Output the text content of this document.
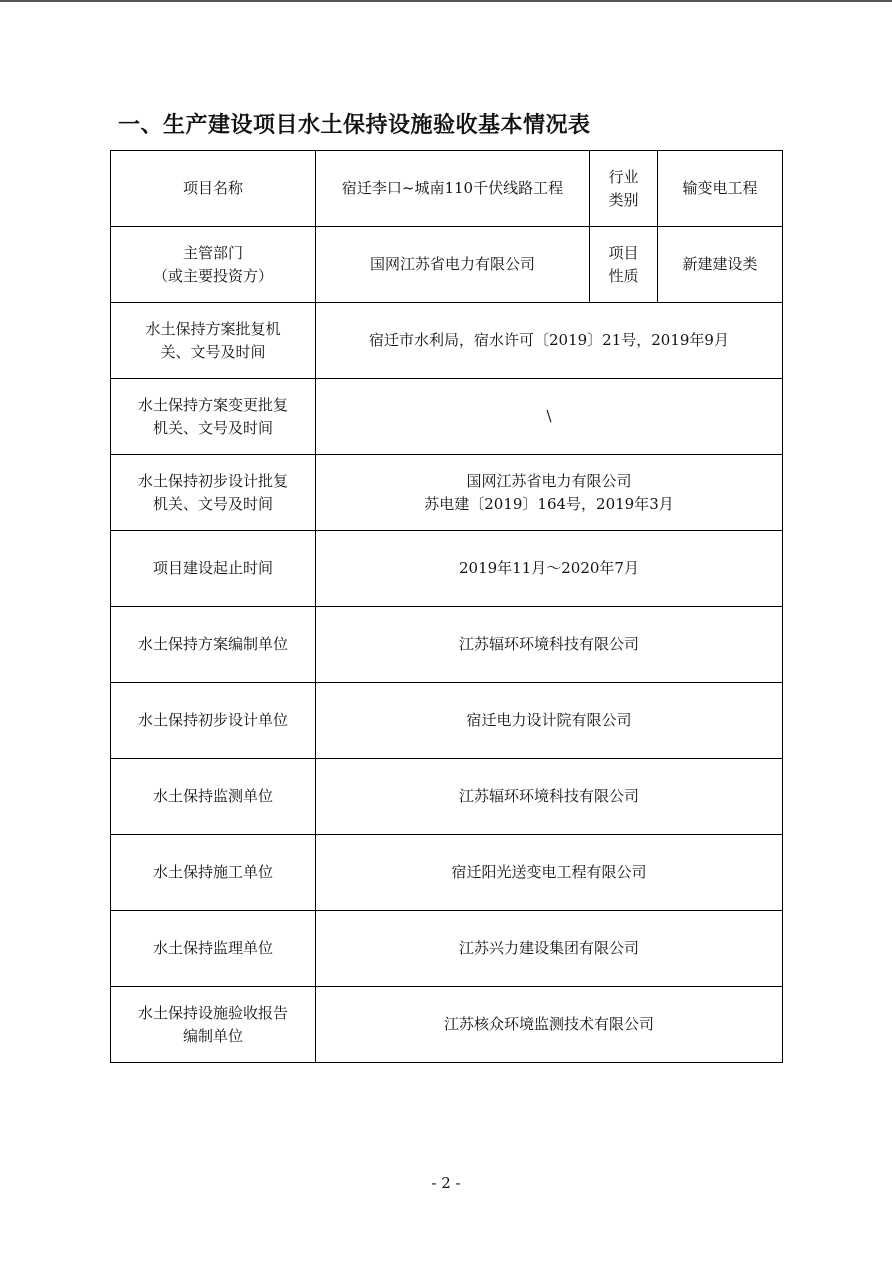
一、生产建设项目水土保持设施验收基本情况表
项目名称	宿迁李口~城南110千伏线路工程	行业
类别	输变电工程

主管部门
（或主要投资方）	国网江苏省电力有限公司	项目
性质	新建建设类

水土保持方案批复机
关、文号及时间	宿迁市水利局，宿水许可〔2019〕21号，2019年9月		

水土保持方案变更批复
机关、文号及时间	\		

水土保持初步设计批复
机关、文号及时间	国网江苏省电力有限公司
苏电建〔2019〕164号，2019年3月		

项目建设起止时间	2019年11月～2020年7月		
水土保持方案编制单位	江苏辐环环境科技有限公司		
水土保持初步设计单位	宿迁电力设计院有限公司		
水土保持监测单位	江苏辐环环境科技有限公司		
水土保持施工单位	宿迁阳光送变电工程有限公司		
水土保持监理单位	江苏兴力建设集团有限公司		

水土保持设施验收报告
编制单位	江苏核众环境监测技术有限公司		
- 2 -
